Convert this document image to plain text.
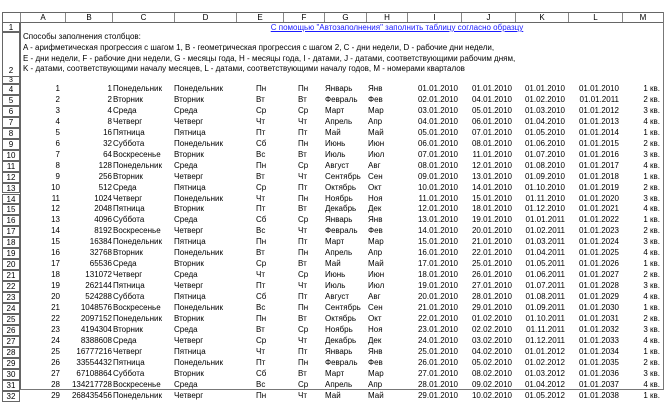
A	B	C	D	E	F	G	H	I	J	K	L	M
1
2
3
С помощью "Автозаполнения" заполнить таблицу согласно образцу
Способы заполнения столбцов:
A - арифметическая прогрессия с шагом 1, B - геометрическая прогрессия с шагом 2, C - дни недели, D - рабочие дни недели,
E - дни недели, F - рабочие дни недели, G - месяцы года, H - месяцы года, I - датами, J - датами, соответствующими рабочим дням,
K - датами, соответствующими началу месяцев, L - датами, соответствующими началу годов, M - номерами кварталов
4	1	1 Понедельник	Понедельник	Пн	Пн	Январь	Янв	01.01.2010	01.01.2010	01.01.2010	01.01.2010	1 кв.
5	2	2 Вторник	Вторник	Вт	Вт	Февраль	Фев	02.01.2010	04.01.2010	01.02.2010	01.01.2011	2 кв.
6	3	4 Среда	Среда	Ср	Ср	Март	Мар	03.01.2010	05.01.2010	01.03.2010	01.01.2012	3 кв.
7	4	8 Четверг	Четверг	Чт	Чт	Апрель	Апр	04.01.2010	06.01.2010	01.04.2010	01.01.2013	4 кв.
8	5	16 Пятница	Пятница	Пт	Пт	Май	Май	05.01.2010	07.01.2010	01.05.2010	01.01.2014	1 кв.
9	6	32 Суббота	Понедельник	Сб	Пн	Июнь	Июн	06.01.2010	08.01.2010	01.06.2010	01.01.2015	2 кв.
10	7	64 Воскресенье	Вторник	Вс	Вт	Июль	Июл	07.01.2010	11.01.2010	01.07.2010	01.01.2016	3 кв.
11	8	128 Понедельник	Среда	Пн	Ср	Август	Авг	08.01.2010	12.01.2010	01.08.2010	01.01.2017	4 кв.
12	9	256 Вторник	Четверг	Вт	Чт	Сентябрь Сен	09.01.2010	13.01.2010	01.09.2010	01.01.2018	1 кв.
13	10	512 Среда	Пятница	Ср	Пт	Октябрь	Окт	10.01.2010	14.01.2010	01.10.2010	01.01.2019	2 кв.
14	11	1024 Четверг	Понедельник	Чт	Пн	Ноябрь	Ноя	11.01.2010	15.01.2010	01.11.2010	01.01.2020	3 кв.
15	12	2048 Пятница	Вторник	Пт	Вт	Декабрь	Дек	12.01.2010	18.01.2010	01.12.2010	01.01.2021	4 кв.
16	13	4096 Суббота	Среда	Сб	Ср	Январь	Янв	13.01.2010	19.01.2010	01.01.2011	01.01.2022	1 кв.
17	14	8192 Воскресенье	Четверг	Вс	Чт	Февраль	Фев	14.01.2010	20.01.2010	01.02.2011	01.01.2023	2 кв.
18	15	16384 Понедельник	Пятница	Пн	Пт	Март	Мар	15.01.2010	21.01.2010	01.03.2011	01.01.2024	3 кв.
19	16	32768 Вторник	Понедельник	Вт	Пн	Апрель	Апр	16.01.2010	22.01.2010	01.04.2011	01.01.2025	4 кв.
20	17	65536 Среда	Вторник	Ср	Вт	Май	Май	17.01.2010	25.01.2010	01.05.2011	01.01.2026	1 кв.
21	18	131072 Четверг	Среда	Чт	Ср	Июнь	Июн	18.01.2010	26.01.2010	01.06.2011	01.01.2027	2 кв.
22	19	262144 Пятница	Четверг	Пт	Чт	Июль	Июл	19.01.2010	27.01.2010	01.07.2011	01.01.2028	3 кв.
23	20	524288 Суббота	Пятница	Сб	Пт	Август	Авг	20.01.2010	28.01.2010	01.08.2011	01.01.2029	4 кв.
24	21	1048576 Воскресенье	Понедельник	Вс	Пн	Сентябрь Сен	21.01.2010	29.01.2010	01.09.2011	01.01.2030	1 кв.
25	22	2097152 Понедельник	Вторник	Пн	Вт	Октябрь	Окт	22.01.2010	01.02.2010	01.10.2011	01.01.2031	2 кв.
26	23	4194304 Вторник	Среда	Вт	Ср	Ноябрь	Ноя	23.01.2010	02.02.2010	01.11.2011	01.01.2032	3 кв.
27	24	8388608 Среда	Четверг	Ср	Чт	Декабрь	Дек	24.01.2010	03.02.2010	01.12.2011	01.01.2033	4 кв.
28	25	16777216 Четверг	Пятница	Чт	Пт	Январь	Янв	25.01.2010	04.02.2010	01.01.2012	01.01.2034	1 кв.
29	26	33554432 Пятница	Понедельник	Пт	Пн	Февраль	Фев	26.01.2010	05.02.2010	01.02.2012	01.01.2035	2 кв.
30	27	67108864 Суббота	Вторник	Сб	Вт	Март	Мар	27.01.2010	08.02.2010	01.03.2012	01.01.2036	3 кв.
31	28	134217728 Воскресенье	Среда	Вс	Ср	Апрель	Апр	28.01.2010	09.02.2010	01.04.2012	01.01.2037	4 кв.
32	29	268435456 Понедельник	Четверг	Пн	Чт	Май	Май	29.01.2010	10.02.2010	01.05.2012	01.01.2038	1 кв.
